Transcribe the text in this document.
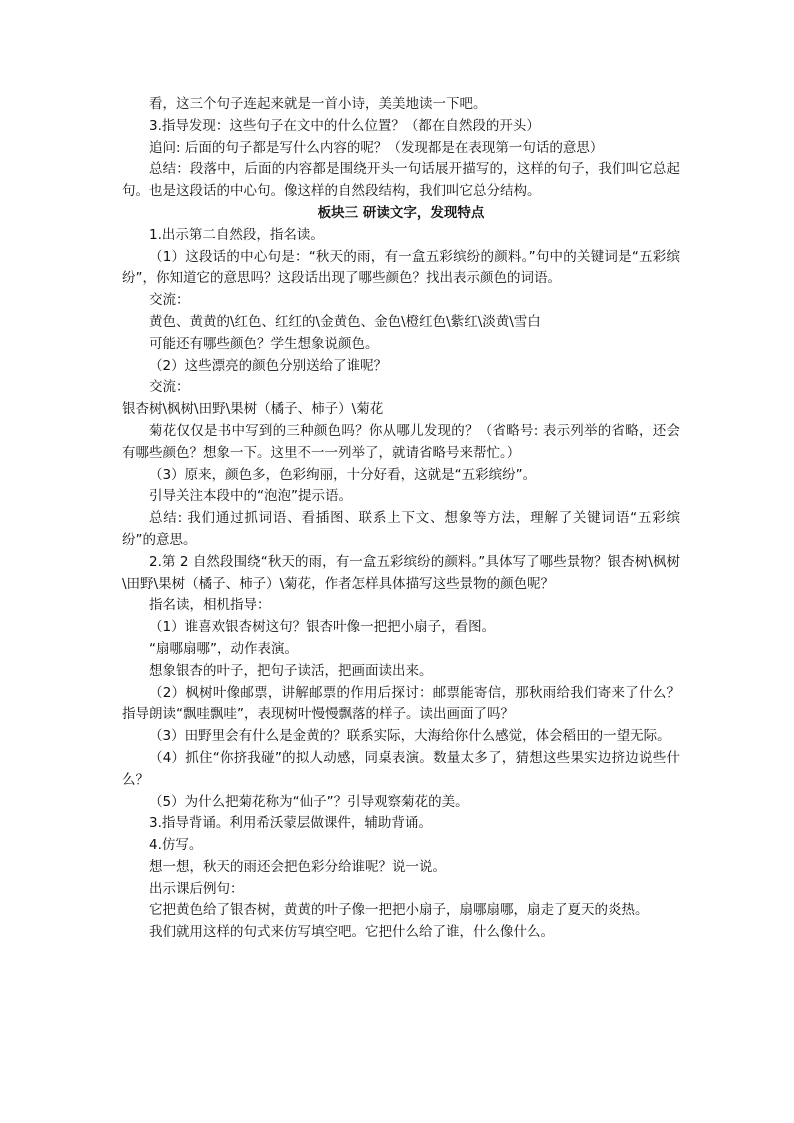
看，这三个句子连起来就是一首小诗，美美地读一下吧。

3.指导发现：这些句子在文中的什么位置？（都在自然段的开头）

追问: 后面的句子都是写什么内容的呢？（发现都是在表现第一句话的意思）

总结：段落中，后面的内容都是围绕开头一句话展开描写的，这样的句子，我们叫它总起句。也是这段话的中心句。像这样的自然段结构，我们叫它总分结构。

板块三 研读文字，发现特点

1.出示第二自然段，指名读。

（1）这段话的中心句是：“秋天的雨，有一盒五彩缤纷的颜料。”句中的关键词是“五彩缤纷”，你知道它的意思吗？这段话出现了哪些颜色？找出表示颜色的词语。

交流：

黄色、黄黄的\红色、红红的\金黄色、金色\橙红色\紫红\淡黄\雪白

可能还有哪些颜色？学生想象说颜色。

（2）这些漂亮的颜色分别送给了谁呢？

交流：

银杏树\枫树\田野\果树（橘子、柿子）\菊花

菊花仅仅是书中写到的三种颜色吗？你从哪儿发现的？（省略号: 表示列举的省略，还会有哪些颜色？想象一下。这里不一一列举了，就请省略号来帮忙。）

（3）原来，颜色多，色彩绚丽，十分好看，这就是“五彩缤纷”。

引导关注本段中的“泡泡”提示语。

总结: 我们通过抓词语、看插图、联系上下文、想象等方法，理解了关键词语“五彩缤纷”的意思。

2.第 2 自然段围绕“秋天的雨，有一盒五彩缤纷的颜料。”具体写了哪些景物？银杏树\枫树\田野\果树（橘子、柿子）\菊花，作者怎样具体描写这些景物的颜色呢？

指名读，相机指导：

（1）谁喜欢银杏树这句？银杏叶像一把把小扇子，看图。

“扇哪扇哪”，动作表演。

想象银杏的叶子，把句子读活，把画面读出来。

（2）枫树叶像邮票，讲解邮票的作用后探讨：邮票能寄信，那秋雨给我们寄来了什么？指导朗读“飘哇飘哇”，表现树叶慢慢飘落的样子。读出画面了吗？

（3）田野里会有什么是金黄的？联系实际，大海给你什么感觉，体会稻田的一望无际。

（4）抓住“你挤我碰”的拟人动感，同桌表演。数量太多了，猜想这些果实边挤边说些什么？

（5）为什么把菊花称为“仙子”？引导观察菊花的美。

3.指导背诵。利用希沃蒙层做课件，辅助背诵。

4.仿写。

想一想，秋天的雨还会把色彩分给谁呢？说一说。

出示课后例句：

它把黄色给了银杏树，黄黄的叶子像一把把小扇子，扇哪扇哪，扇走了夏天的炎热。

我们就用这样的句式来仿写填空吧。它把什么给了谁，什么像什么。
